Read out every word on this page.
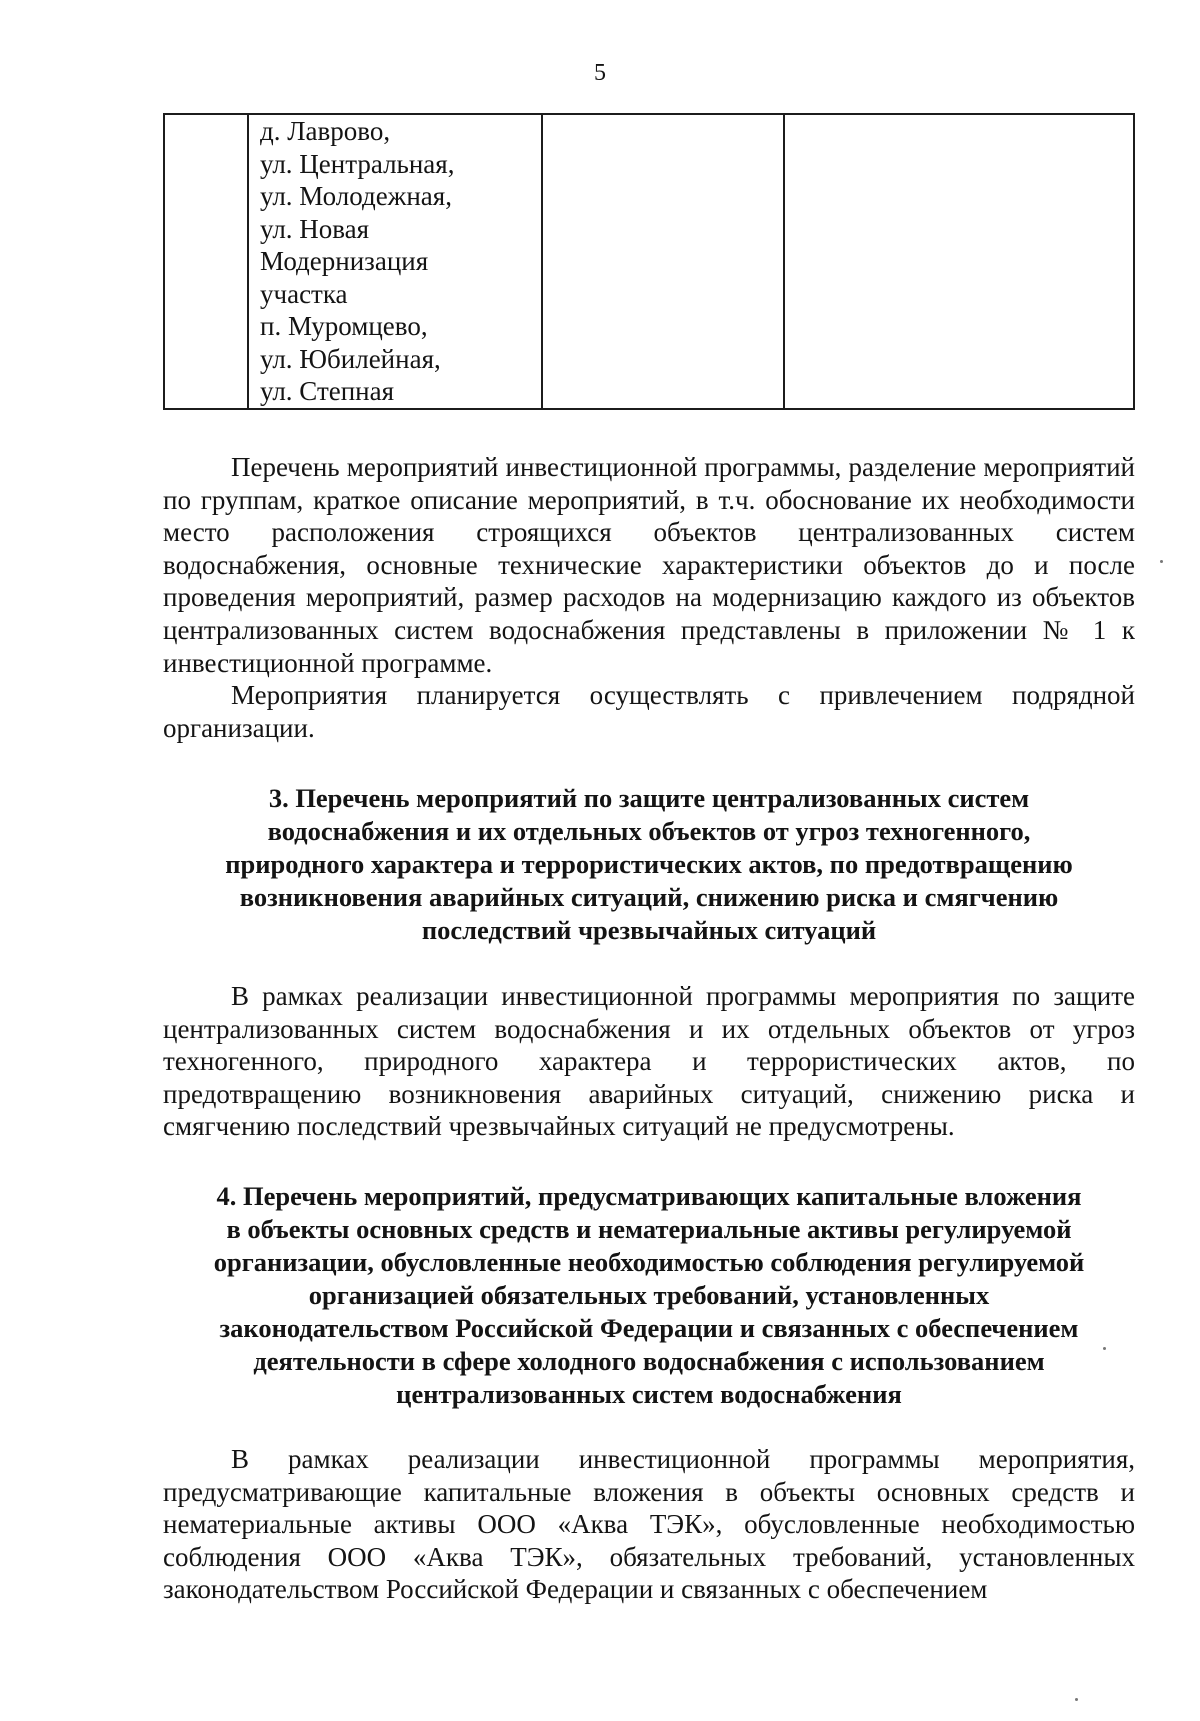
5

д. Лаврово,
ул. Центральная,
ул. Молодежная,
ул. Новая
Модернизация
участка
п. Муромцево,
ул. Юбилейная,
ул. Степная

Перечень мероприятий инвестиционной программы, разделение мероприятий по группам, краткое описание мероприятий, в т.ч. обоснование их необходимости место расположения строящихся объектов централизованных систем водоснабжения, основные технические характеристики объектов до и после проведения мероприятий, размер расходов на модернизацию каждого из объектов централизованных систем водоснабжения представлены в приложении № 1 к инвестиционной программе.

Мероприятия планируется осуществлять с привлечением подрядной организации.

3. Перечень мероприятий по защите централизованных систем
водоснабжения и их отдельных объектов от угроз техногенного,
природного характера и террористических актов, по предотвращению
возникновения аварийных ситуаций, снижению риска и смягчению
последствий чрезвычайных ситуаций

В рамках реализации инвестиционной программы мероприятия по защите централизованных систем водоснабжения и их отдельных объектов от угроз техногенного, природного характера и террористических актов, по предотвращению возникновения аварийных ситуаций, снижению риска и смягчению последствий чрезвычайных ситуаций не предусмотрены.

4. Перечень мероприятий, предусматривающих капитальные вложения
в объекты основных средств и нематериальные активы регулируемой
организации, обусловленные необходимостью соблюдения регулируемой
организацией обязательных требований, установленных
законодательством Российской Федерации и связанных с обеспечением
деятельности в сфере холодного водоснабжения с использованием
централизованных систем водоснабжения

В рамках реализации инвестиционной программы мероприятия, предусматривающие капитальные вложения в объекты основных средств и нематериальные активы ООО «Аква ТЭК», обусловленные необходимостью соблюдения ООО «Аква ТЭК», обязательных требований, установленных законодательством Российской Федерации и связанных с обеспечением
